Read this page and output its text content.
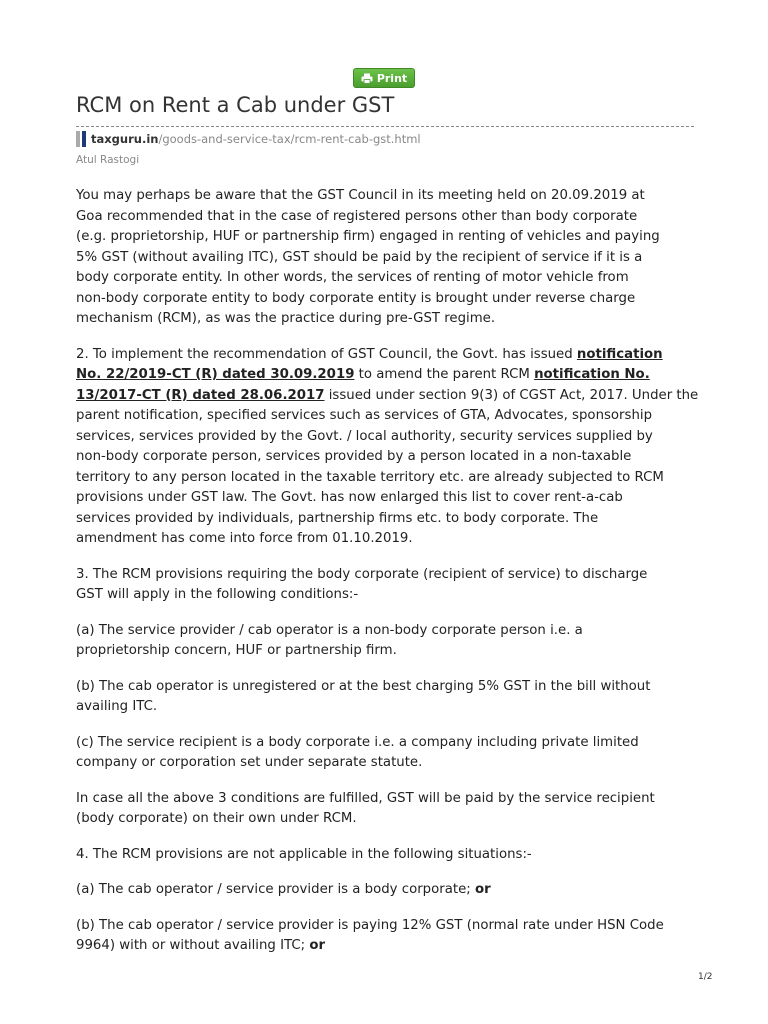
Print
RCM on Rent a Cab under GST
taxguru.in /goods-and-service-tax/rcm-rent-cab-gst.html
Atul Rastogi

You may perhaps be aware that the GST Council in its meeting held on 20.09.2019 at
Goa recommended that in the case of registered persons other than body corporate
(e.g. proprietorship, HUF or partnership firm) engaged in renting of vehicles and paying
5% GST (without availing ITC), GST should be paid by the recipient of service if it is a
body corporate entity. In other words, the services of renting of motor vehicle from
non-body corporate entity to body corporate entity is brought under reverse charge
mechanism (RCM), as was the practice during pre-GST regime.

2. To implement the recommendation of GST Council, the Govt. has issued notification
No. 22/2019-CT (R) dated 30.09.2019 to amend the parent RCM notification No.
13/2017-CT (R) dated 28.06.2017 issued under section 9(3) of CGST Act, 2017. Under the
parent notification, specified services such as services of GTA, Advocates, sponsorship
services, services provided by the Govt. / local authority, security services supplied by
non-body corporate person, services provided by a person located in a non-taxable
territory to any person located in the taxable territory etc. are already subjected to RCM
provisions under GST law. The Govt. has now enlarged this list to cover rent-a-cab
services provided by individuals, partnership firms etc. to body corporate. The
amendment has come into force from 01.10.2019.

3. The RCM provisions requiring the body corporate (recipient of service) to discharge
GST will apply in the following conditions:-

(a) The service provider / cab operator is a non-body corporate person i.e. a
proprietorship concern, HUF or partnership firm.

(b) The cab operator is unregistered or at the best charging 5% GST in the bill without
availing ITC.

(c) The service recipient is a body corporate i.e. a company including private limited
company or corporation set under separate statute.

In case all the above 3 conditions are fulfilled, GST will be paid by the service recipient
(body corporate) on their own under RCM.

4. The RCM provisions are not applicable in the following situations:-

(a) The cab operator / service provider is a body corporate; or

(b) The cab operator / service provider is paying 12% GST (normal rate under HSN Code
9964) with or without availing ITC; or

1/2
